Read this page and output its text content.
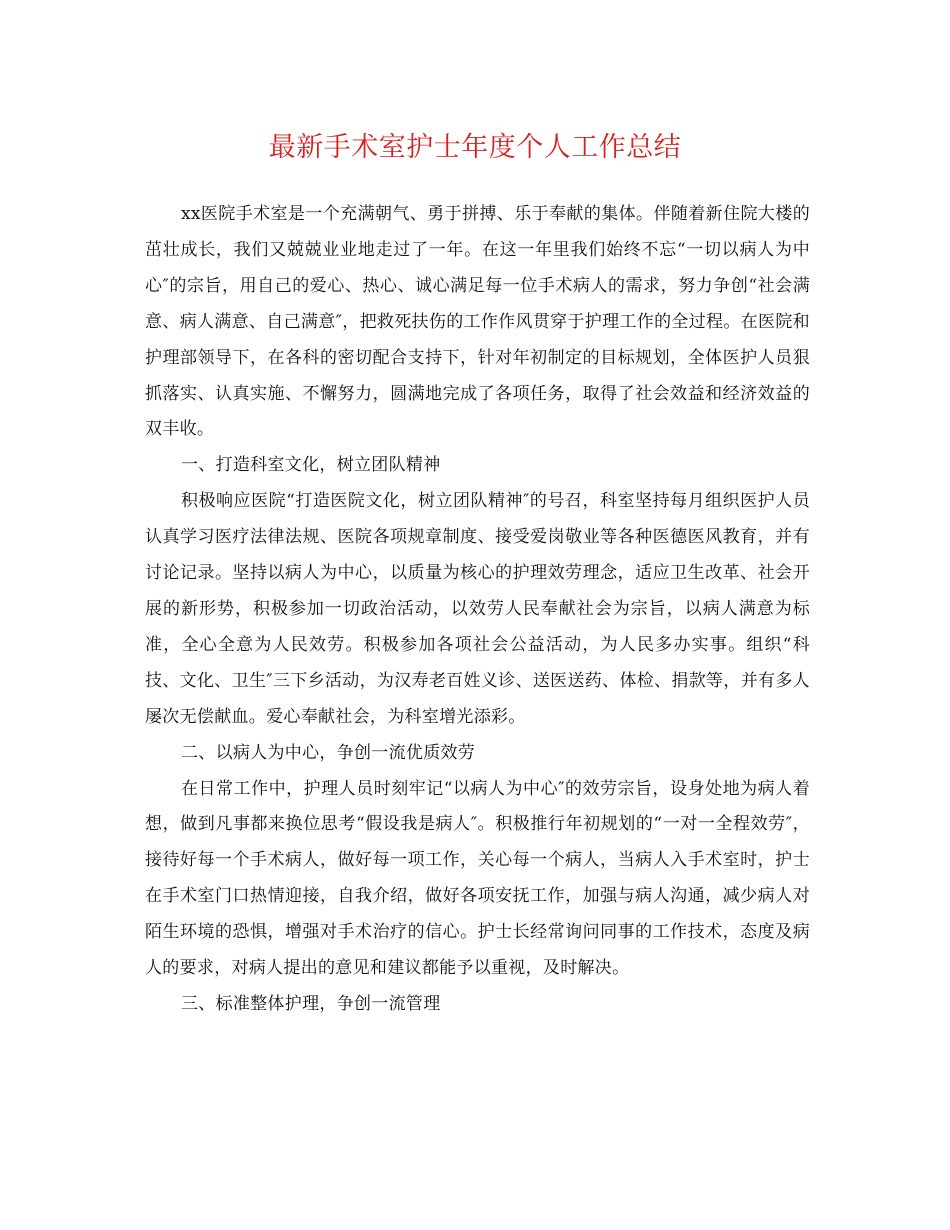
最新手术室护士年度个人工作总结

xx医院手术室是一个充满朝气、勇于拼搏、乐于奉献的集体。伴随着新住院大楼的茁壮成长，我们又兢兢业业地走过了一年。在这一年里我们始终不忘“一切以病人为中心″的宗旨，用自己的爱心、热心、诚心满足每一位手术病人的需求，努力争创“社会满意、病人满意、自己满意″，把救死扶伤的工作作风贯穿于护理工作的全过程。在医院和护理部领导下，在各科的密切配合支持下，针对年初制定的目标规划，全体医护人员狠抓落实、认真实施、不懈努力，圆满地完成了各项任务，取得了社会效益和经济效益的双丰收。

一、打造科室文化，树立团队精神

积极响应医院“打造医院文化，树立团队精神″的号召，科室坚持每月组织医护人员认真学习医疗法律法规、医院各项规章制度、接受爱岗敬业等各种医德医风教育，并有讨论记录。坚持以病人为中心，以质量为核心的护理效劳理念，适应卫生改革、社会开展的新形势，积极参加一切政治活动，以效劳人民奉献社会为宗旨，以病人满意为标准，全心全意为人民效劳。积极参加各项社会公益活动，为人民多办实事。组织“科技、文化、卫生″三下乡活动，为汉寿老百姓义诊、送医送药、体检、捐款等，并有多人屡次无偿献血。爱心奉献社会，为科室增光添彩。

二、以病人为中心，争创一流优质效劳

在日常工作中，护理人员时刻牢记“以病人为中心″的效劳宗旨，设身处地为病人着想，做到凡事都来换位思考“假设我是病人″。积极推行年初规划的“一对一全程效劳″，接待好每一个手术病人，做好每一项工作，关心每一个病人，当病人入手术室时，护士在手术室门口热情迎接，自我介绍，做好各项安抚工作，加强与病人沟通，减少病人对陌生环境的恐惧，增强对手术治疗的信心。护士长经常询问同事的工作技术，态度及病人的要求，对病人提出的意见和建议都能予以重视，及时解决。

三、标准整体护理，争创一流管理
